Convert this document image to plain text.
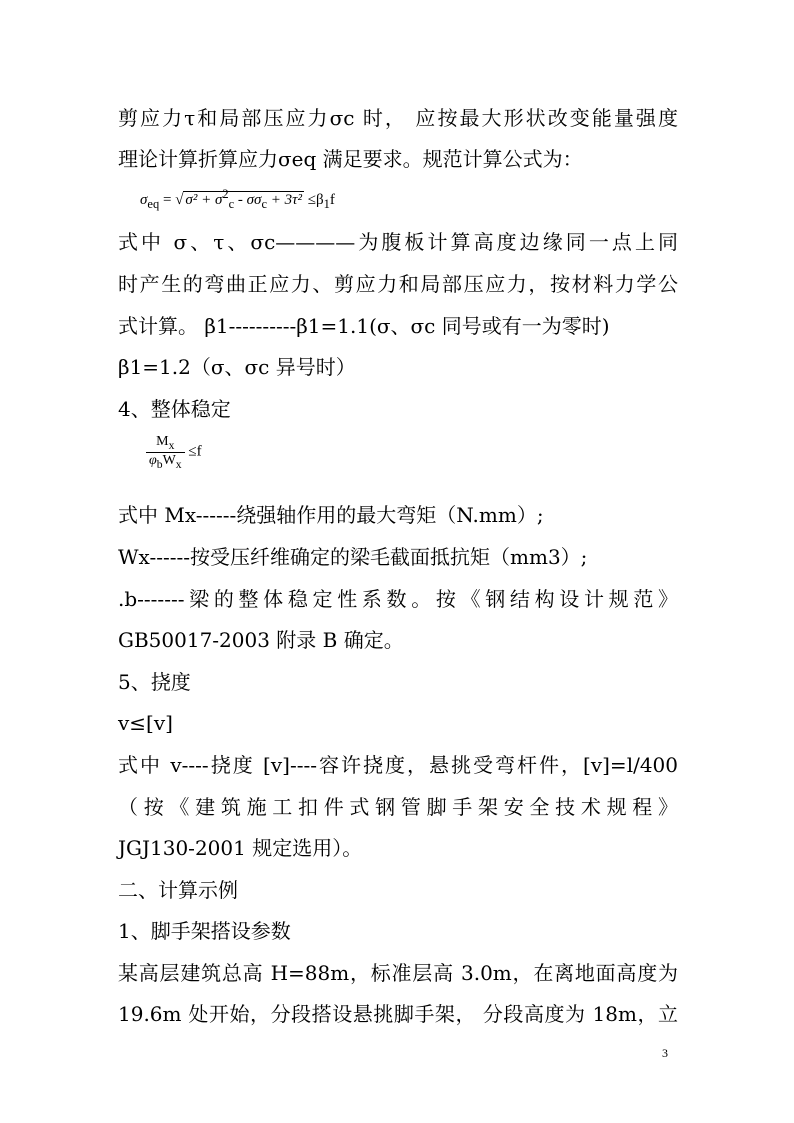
剪应力τ和局部压应力σc 时， 应按最大形状改变能量强度
理论计算折算应力σeq 满足要求。规范计算公式为：
$\sigma_{eq}$ = √ $\sigma^2 + \sigma^2_c - \sigma\sigma_c + 3\tau^2 \le\beta_1f$
式中 σ、τ、σc————为腹板计算高度边缘同一点上同
时产生的弯曲正应力、剪应力和局部压应力，按材料力学公
式计算。 β1----------β1=1.1(σ、σc 同号或有一为零时)
β1=1.2（σ、σc 异号时）
4、整体稳定
$\frac{M_x}{\varphi_bW_x} \le f$
式中 Mx------绕强轴作用的最大弯矩（N.mm）;
Wx------按受压纤维确定的梁毛截面抵抗矩（mm3）;
.b-------梁的整体稳定性系数。按《钢结构设计规范》
GB50017-2003 附录 B 确定。
5、挠度
v≤[v]
式中 v----挠度 [v]----容许挠度，悬挑受弯杆件，[v]=l/400
（按《建筑施工扣件式钢管脚手架安全技术规程》
JGJ130-2001 规定选用）。
二、计算示例
1、脚手架搭设参数
某高层建筑总高 H=88m，标准层高 3.0m，在离地面高度为
19.6m 处开始，分段搭设悬挑脚手架， 分段高度为 18m，立
3
